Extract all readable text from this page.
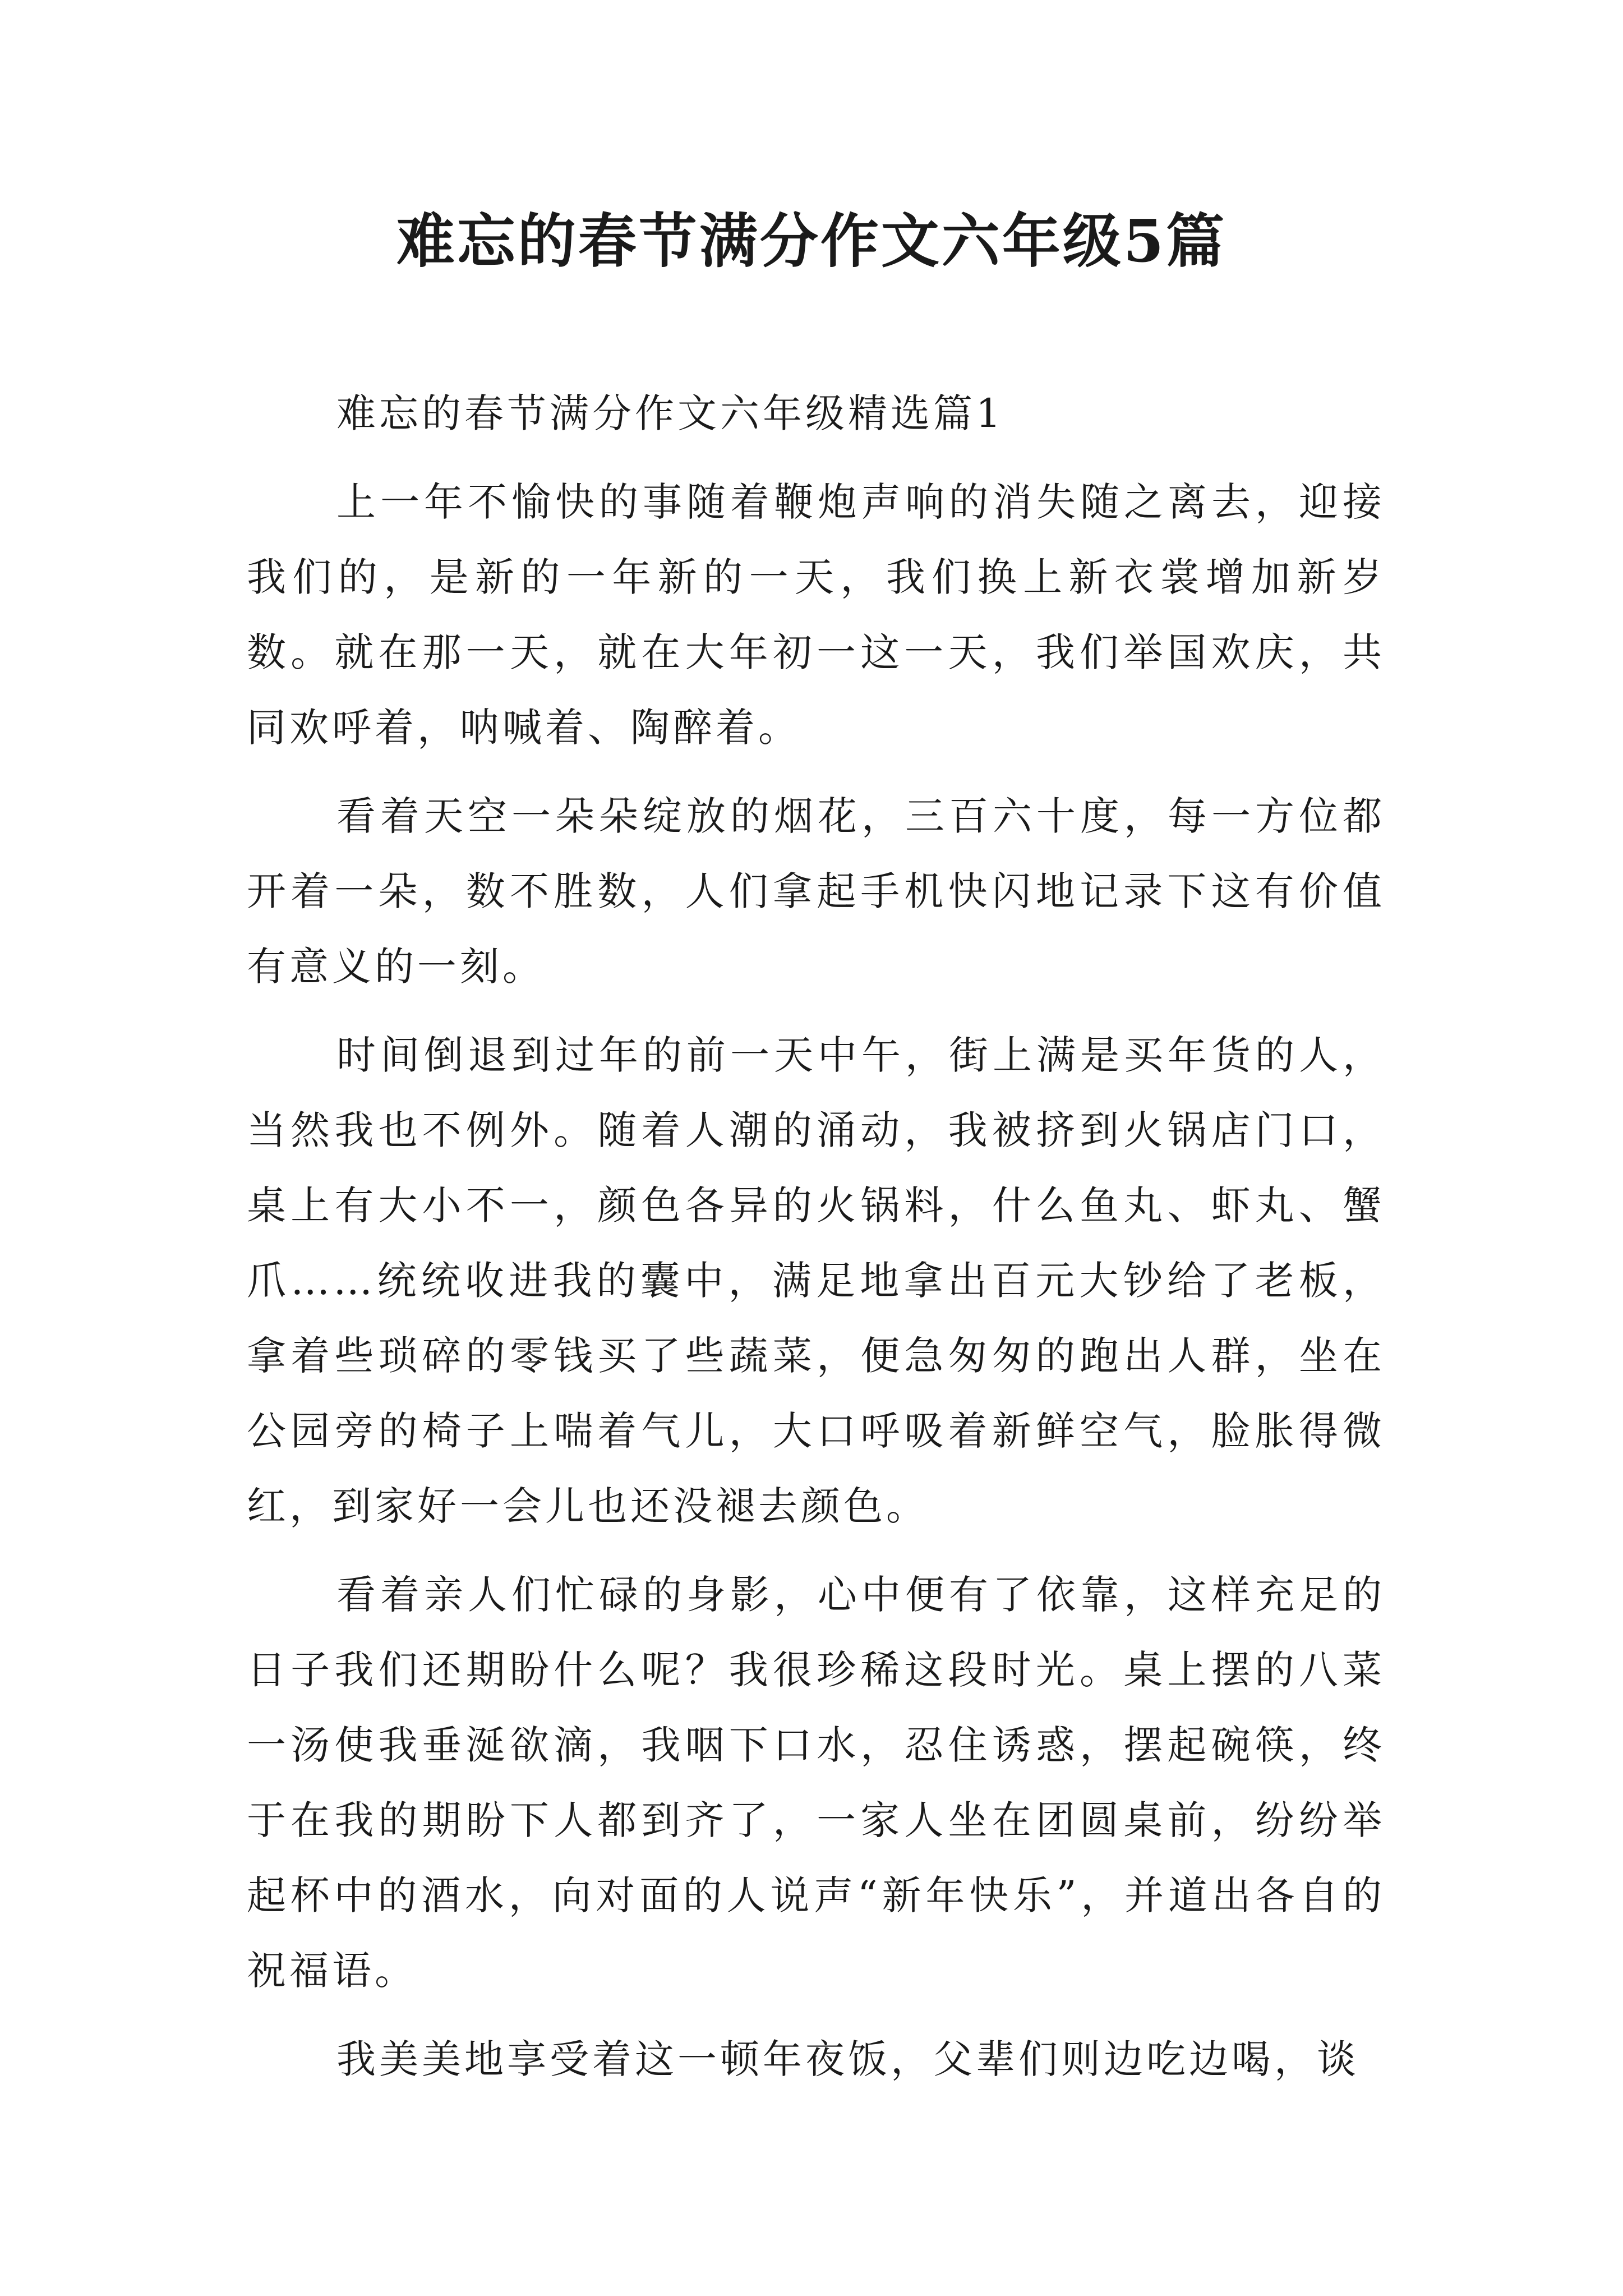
难忘的春节满分作文六年级5篇

难忘的春节满分作文六年级精选篇1

上一年不愉快的事随着鞭炮声响的消失随之离去，迎接我们的，是新的一年新的一天，我们换上新衣裳增加新岁数。就在那一天，就在大年初一这一天，我们举国欢庆，共同欢呼着，呐喊着、陶醉着。

看着天空一朵朵绽放的烟花，三百六十度，每一方位都开着一朵，数不胜数，人们拿起手机快闪地记录下这有价值有意义的一刻。

时间倒退到过年的前一天中午，街上满是买年货的人，当然我也不例外。随着人潮的涌动，我被挤到火锅店门口，桌上有大小不一，颜色各异的火锅料，什么鱼丸、虾丸、蟹爪……统统收进我的囊中，满足地拿出百元大钞给了老板，拿着些琐碎的零钱买了些蔬菜，便急匆匆的跑出人群，坐在公园旁的椅子上喘着气儿，大口呼吸着新鲜空气，脸胀得微红，到家好一会儿也还没褪去颜色。

看着亲人们忙碌的身影，心中便有了依靠，这样充足的日子我们还期盼什么呢？我很珍稀这段时光。桌上摆的八菜一汤使我垂涎欲滴，我咽下口水，忍住诱惑，摆起碗筷，终于在我的期盼下人都到齐了，一家人坐在团圆桌前，纷纷举起杯中的酒水，向对面的人说声“新年快乐”，并道出各自的祝福语。

我美美地享受着这一顿年夜饭，父辈们则边吃边喝，谈
